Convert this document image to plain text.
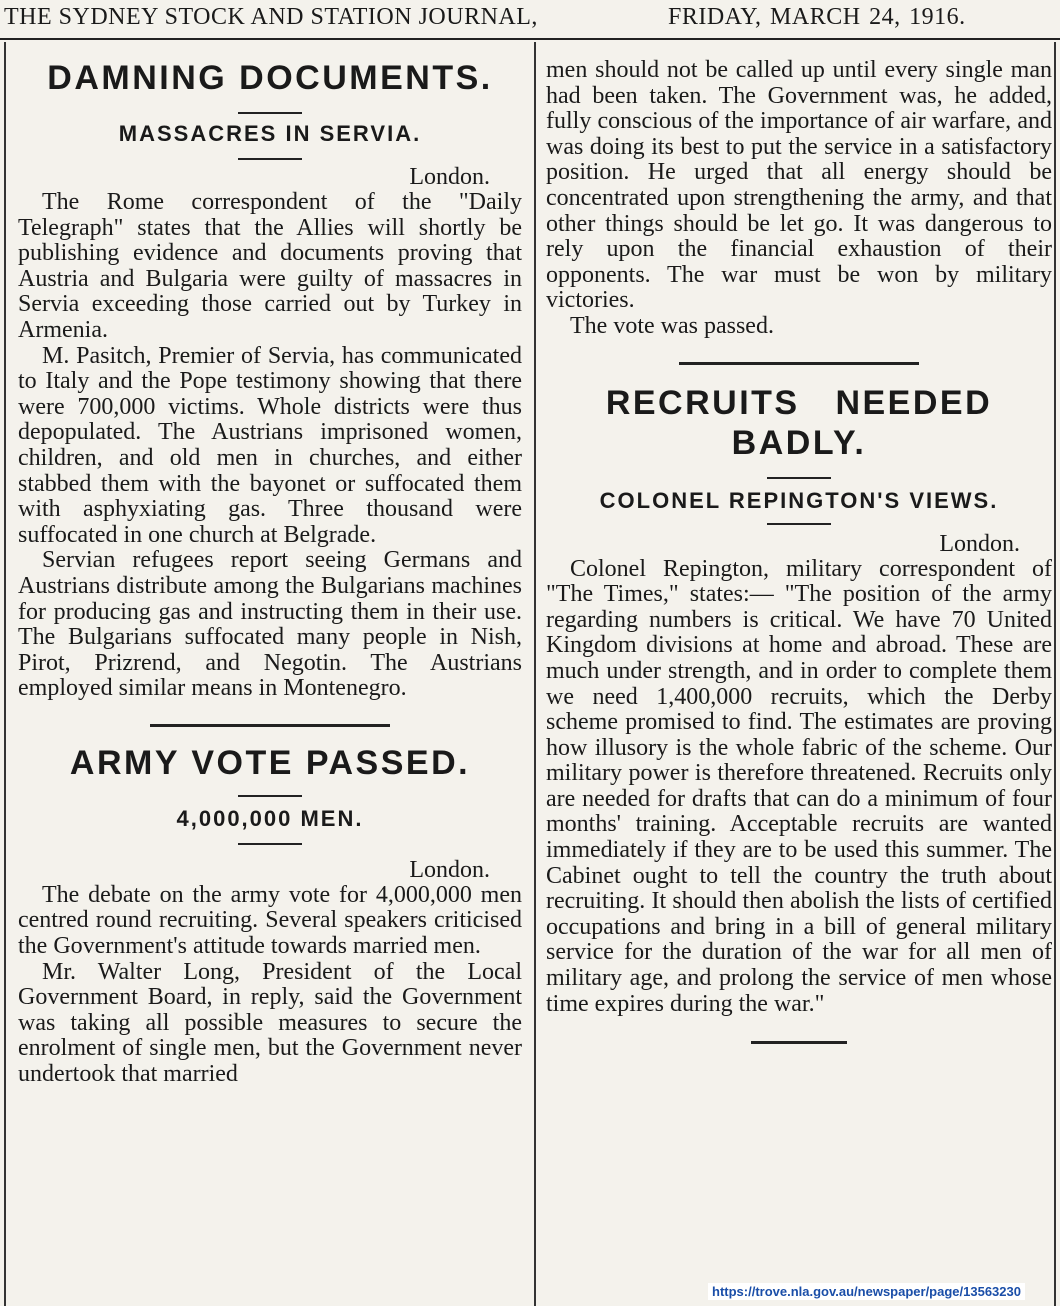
THE SYDNEY STOCK AND STATION JOURNAL,	FRIDAY, MARCH 24, 1916.
DAMNING DOCUMENTS.
MASSACRES IN SERVIA.
London.

The Rome correspondent of the "Daily Telegraph" states that the Allies will shortly be publishing evidence and documents proving that Austria and Bulgaria were guilty of massacres in Servia exceeding those carried out by Turkey in Armenia.

M. Pasitch, Premier of Servia, has communicated to Italy and the Pope testimony showing that there were 700,000 victims. Whole districts were thus depopulated. The Austrians imprisoned women, children, and old men in churches, and either stabbed them with the bayonet or suffocated them with asphyxiating gas. Three thousand were suffocated in one church at Belgrade.

Servian refugees report seeing Germans and Austrians distribute among the Bulgarians machines for producing gas and instructing them in their use. The Bulgarians suffocated many people in Nish, Pirot, Prizrend, and Negotin. The Austrians employed similar means in Montenegro.

ARMY VOTE PASSED.
4,000,000 MEN.
London.

The debate on the army vote for 4,000,000 men centred round recruiting. Several speakers criticised the Government's attitude towards married men.

Mr. Walter Long, President of the Local Government Board, in reply, said the Government was taking all possible measures to secure the enrolment of single men, but the Government never undertook that married

men should not be called up until every single man had been taken. The Government was, he added, fully conscious of the importance of air warfare, and was doing its best to put the service in a satisfactory position. He urged that all energy should be concentrated upon strengthening the army, and that other things should be let go. It was dangerous to rely upon the financial exhaustion of their opponents. The war must be won by military victories.

The vote was passed.

RECRUITS   NEEDED
BADLY.
COLONEL REPINGTON'S VIEWS.
London.

Colonel Repington, military correspondent of "The Times," states:— "The position of the army regarding numbers is critical. We have 70 United Kingdom divisions at home and abroad. These are much under strength, and in order to complete them we need 1,400,000 recruits, which the Derby scheme promised to find. The estimates are proving how illusory is the whole fabric of the scheme. Our military power is therefore threatened. Recruits only are needed for drafts that can do a minimum of four months' training. Acceptable recruits are wanted immediately if they are to be used this summer. The Cabinet ought to tell the country the truth about recruiting. It should then abolish the lists of certified occupations and bring in a bill of general military service for the duration of the war for all men of military age, and prolong the service of men whose time expires during the war."

https://trove.nla.gov.au/newspaper/page/13563230
